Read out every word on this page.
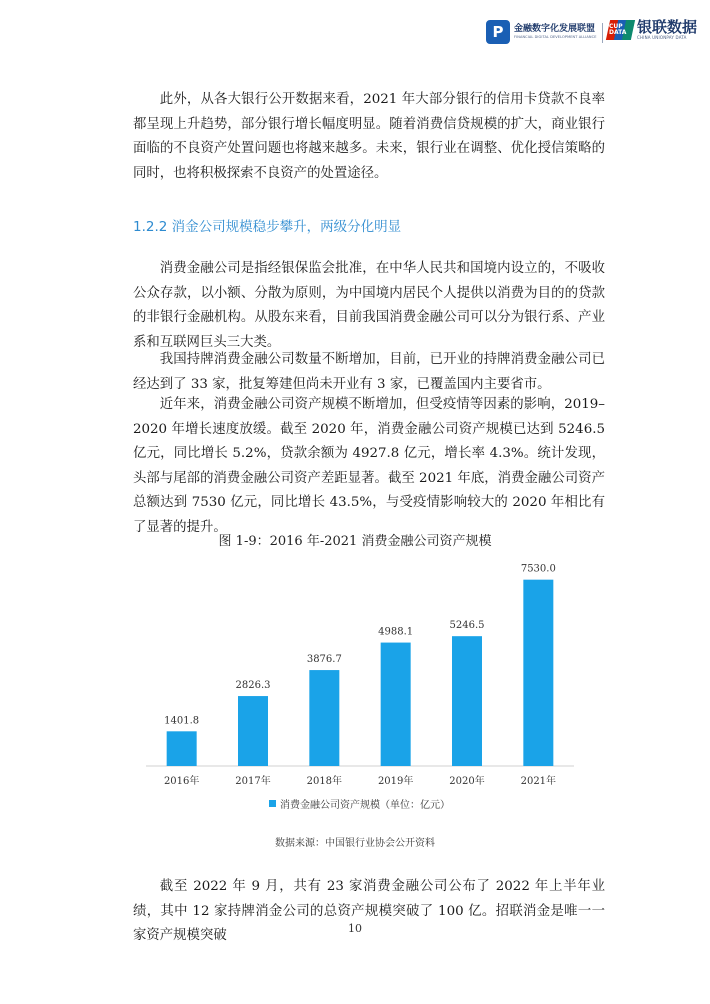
P	金融数字化发展联盟
FINANCIAL DIGITAL DEVELOPMENT ALLIANCE
CUP DATA 银联数据
CHINA UNIONPAY DATA

此外，从各大银行公开数据来看，2021 年大部分银行的信用卡贷款不良率都呈现上升趋势，部分银行增长幅度明显。随着消费信贷规模的扩大，商业银行面临的不良资产处置问题也将越来越多。未来，银行业在调整、优化授信策略的同时，也将积极探索不良资产的处置途径。

1.2.2 消金公司规模稳步攀升，两级分化明显

消费金融公司是指经银保监会批准，在中华人民共和国境内设立的，不吸收公众存款，以小额、分散为原则，为中国境内居民个人提供以消费为目的的贷款的非银行金融机构。从股东来看，目前我国消费金融公司可以分为银行系、产业系和互联网巨头三大类。

我国持牌消费金融公司数量不断增加，目前，已开业的持牌消费金融公司已经达到了 33 家，批复筹建但尚未开业有 3 家，已覆盖国内主要省市。

近年来，消费金融公司资产规模不断增加，但受疫情等因素的影响，2019–2020 年增长速度放缓。截至 2020 年，消费金融公司资产规模已达到 5246.5 亿元，同比增长 5.2%，贷款余额为 4927.8 亿元，增长率 4.3%。统计发现，头部与尾部的消费金融公司资产差距显著。截至 2021 年底，消费金融公司资产总额达到 7530 亿元，同比增长 43.5%，与受疫情影响较大的 2020 年相比有了显著的提升。

图 1-9：2016 年-2021 消费金融公司资产规模
1401.8
2016年
2826.3
2017年
3876.7
2018年
4988.1
2019年
5246.5
2020年
7530.0
2021年
消费金融公司资产规模（单位：亿元）
数据来源：中国银行业协会公开资料

截至 2022 年 9 月，共有 23 家消费金融公司公布了 2022 年上半年业绩，其中 12 家持牌消金公司的总资产规模突破了 100 亿。招联消金是唯一一家资产规模突破	10
